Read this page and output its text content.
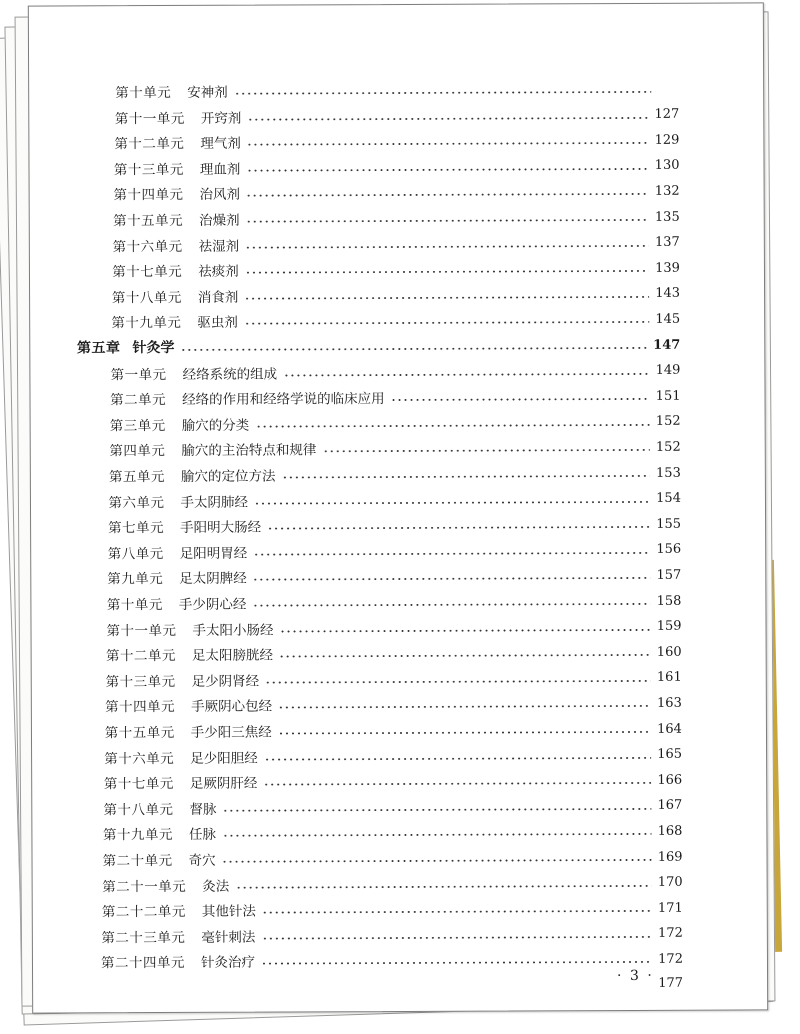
第十单元 安神剂
第十一单元 开窍剂	127
第十二单元 理气剂	129
第十三单元 理血剂	130
第十四单元 治风剂	132
第十五单元 治燥剂	135
第十六单元 祛湿剂	137
第十七单元 祛痰剂	139
第十八单元 消食剂	143
第十九单元 驱虫剂	145
第五章 针灸学	147
第一单元 经络系统的组成	149
第二单元 经络的作用和经络学说的临床应用	151
第三单元 腧穴的分类	152
第四单元 腧穴的主治特点和规律	152
第五单元 腧穴的定位方法	153
第六单元 手太阴肺经	154
第七单元 手阳明大肠经	155
第八单元 足阳明胃经	156
第九单元 足太阴脾经	157
第十单元 手少阴心经	158
第十一单元 手太阳小肠经	159
第十二单元 足太阳膀胱经	160
第十三单元 足少阴肾经	161
第十四单元 手厥阴心包经	163
第十五单元 手少阳三焦经	164
第十六单元 足少阳胆经	165
第十七单元 足厥阴肝经	166
第十八单元 督脉	167
第十九单元 任脉	168
第二十单元 奇穴	169
第二十一单元 灸法	170
第二十二单元 其他针法	171
第二十三单元 毫针刺法	172
第二十四单元 针灸治疗	172
177
· 3 ·
